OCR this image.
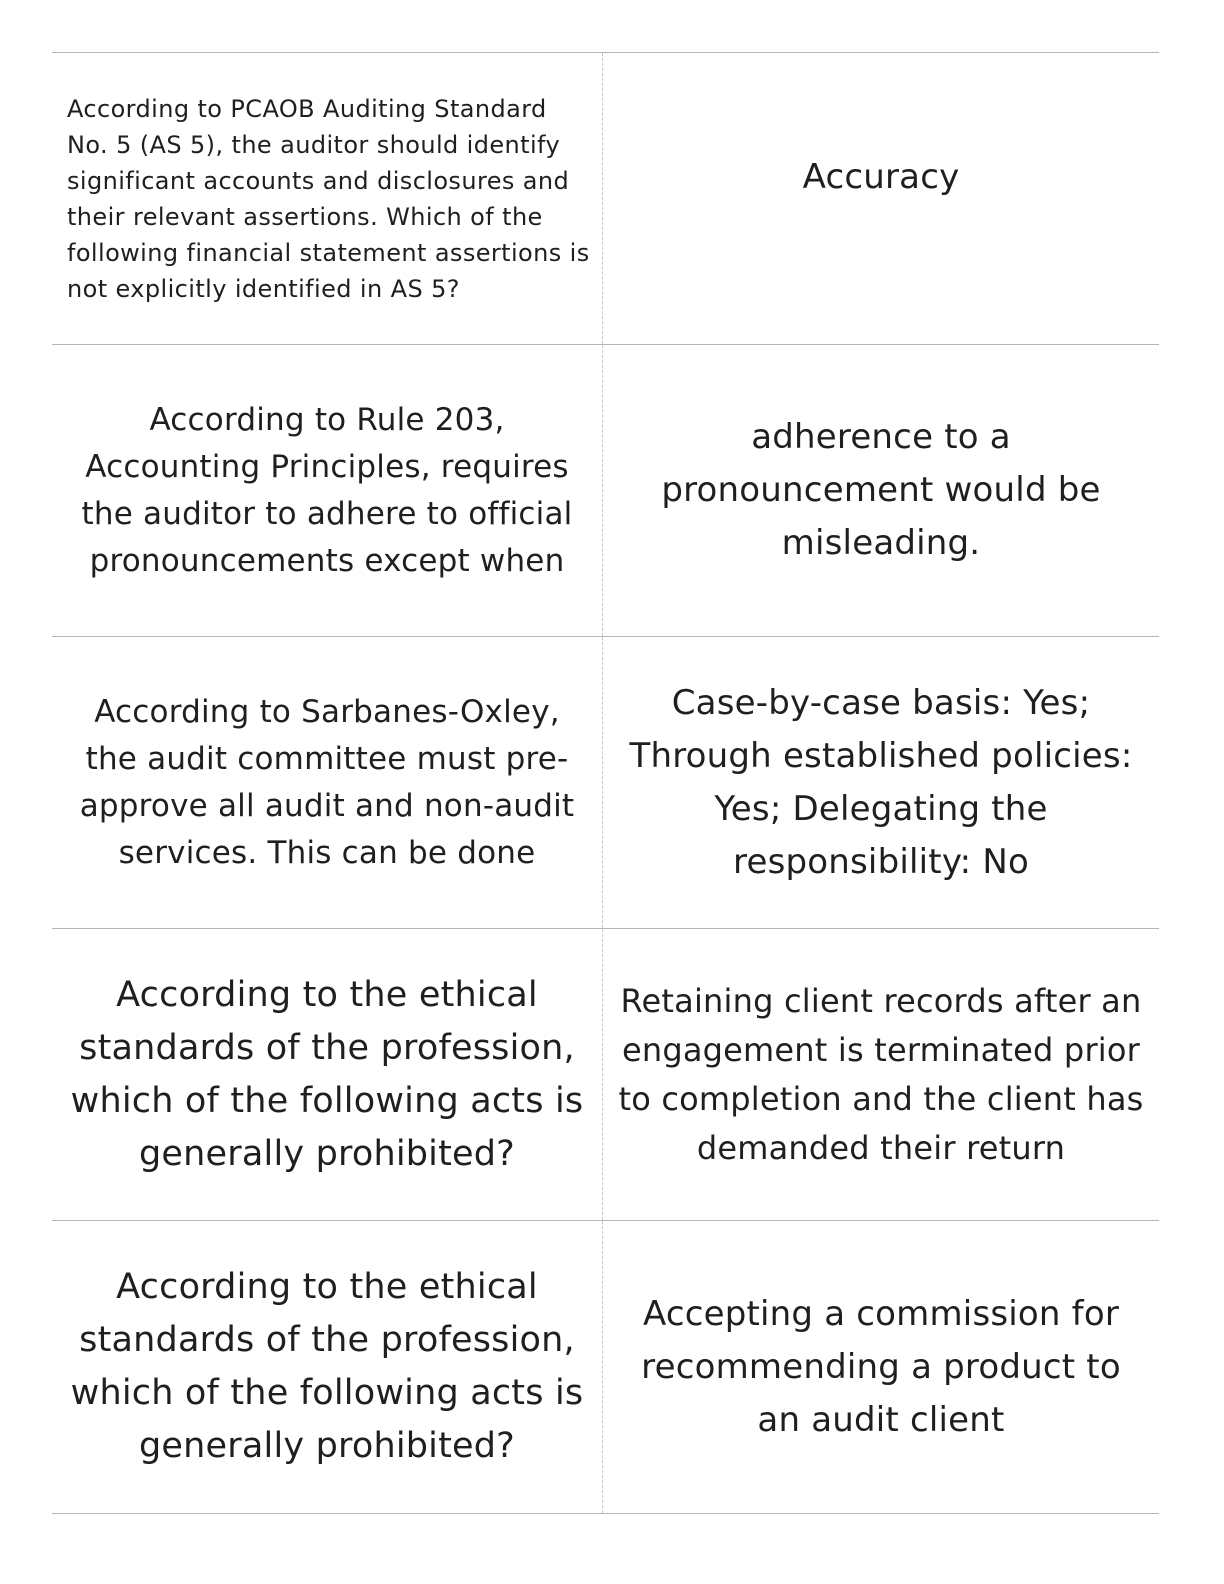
According to PCAOB Auditing Standard No. 5 (AS 5), the auditor should identify significant accounts and disclosures and their relevant assertions. Which of the following financial statement assertions is not explicitly identified in AS 5?
Accuracy
According to Rule 203, Accounting Principles, requires the auditor to adhere to official pronouncements except when
adherence to a pronouncement would be misleading.
According to Sarbanes-Oxley, the audit committee must pre-approve all audit and non-audit services. This can be done
Case-by-case basis: Yes; Through established policies: Yes; Delegating the responsibility: No
According to the ethical standards of the profession, which of the following acts is generally prohibited?
Retaining client records after an engagement is terminated prior to completion and the client has demanded their return
According to the ethical standards of the profession, which of the following acts is generally prohibited?
Accepting a commission for recommending a product to an audit client
